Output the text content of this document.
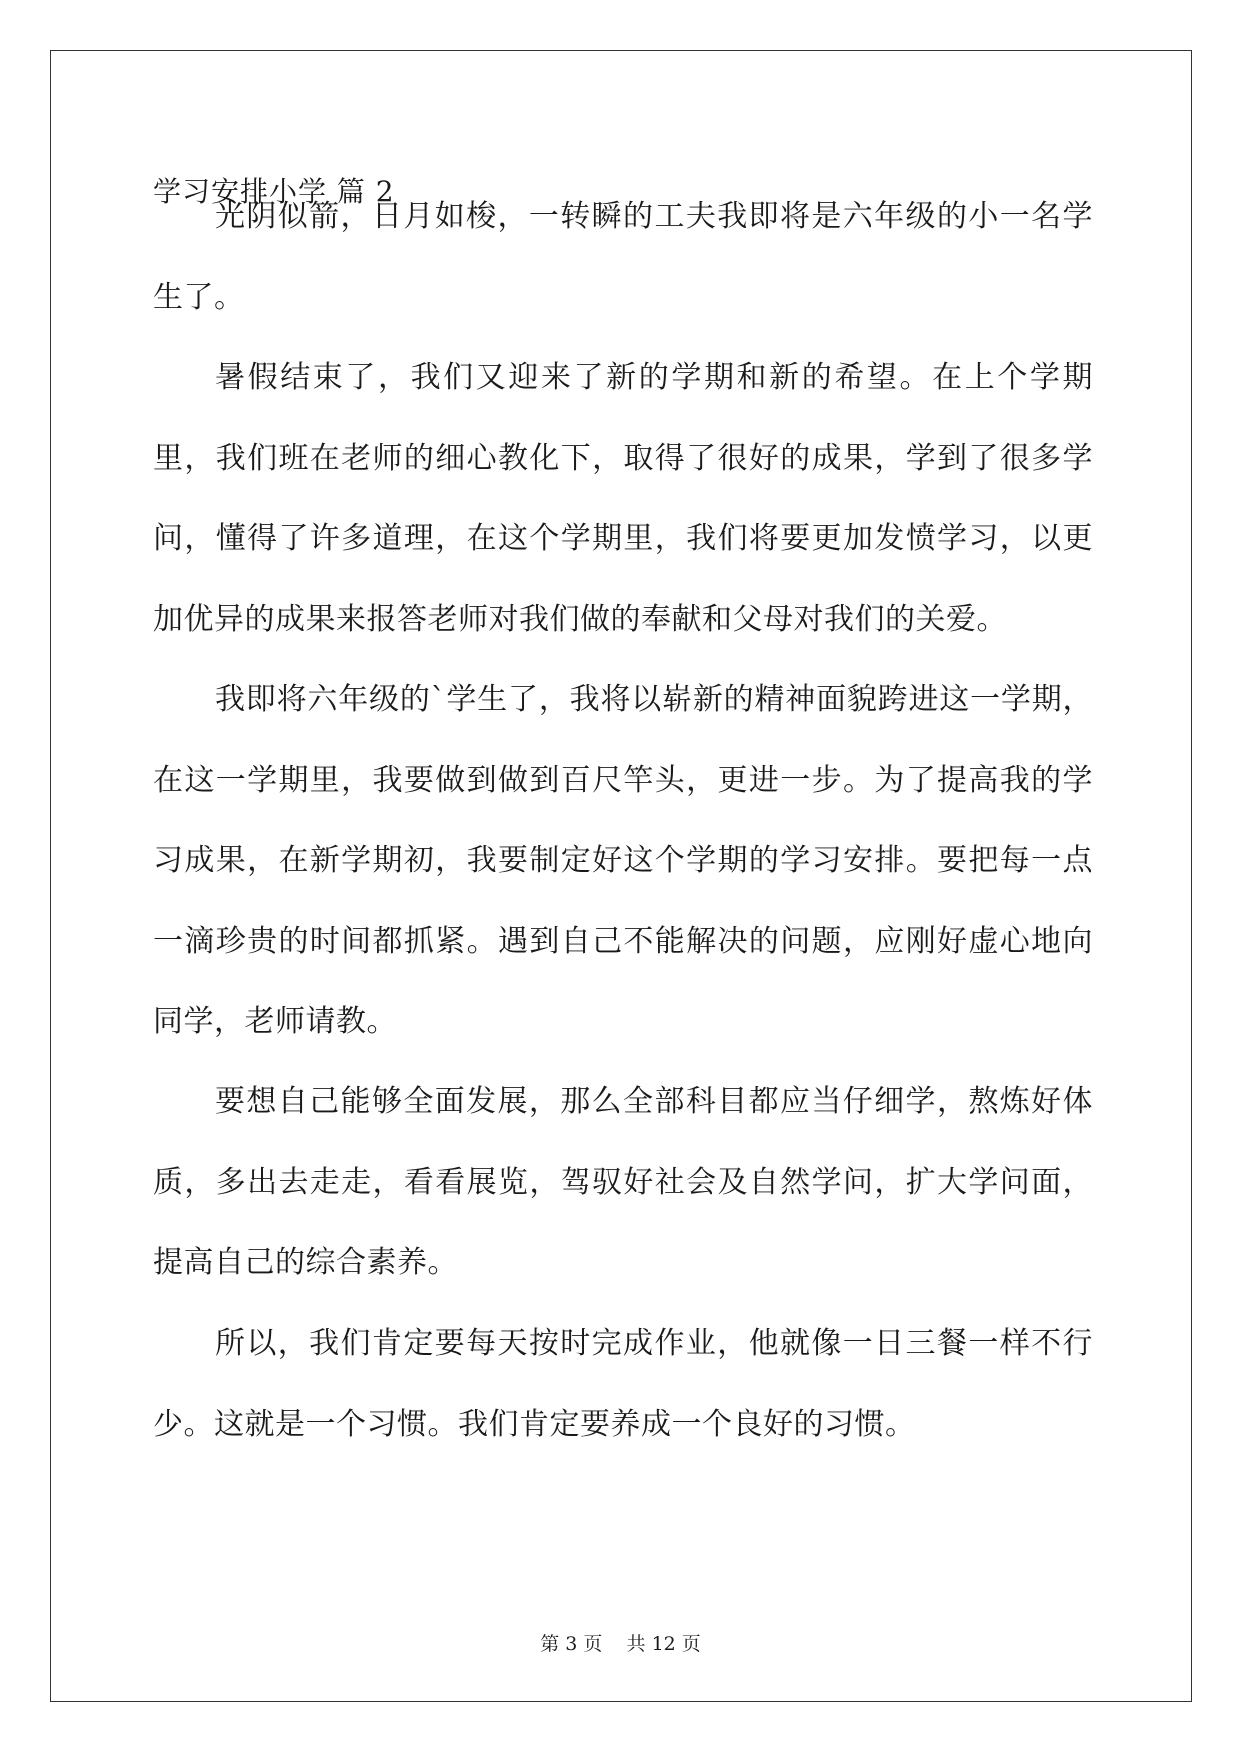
学习安排小学 篇 2

光阴似箭，日月如梭，一转瞬的工夫我即将是六年级的小一名学生了。

暑假结束了，我们又迎来了新的学期和新的希望。在上个学期里，我们班在老师的细心教化下，取得了很好的成果，学到了很多学问，懂得了许多道理，在这个学期里，我们将要更加发愤学习，以更加优异的成果来报答老师对我们做的奉献和父母对我们的关爱。

我即将六年级的`学生了，我将以崭新的精神面貌跨进这一学期，在这一学期里，我要做到做到百尺竿头，更进一步。为了提高我的学习成果，在新学期初，我要制定好这个学期的学习安排。要把每一点一滴珍贵的时间都抓紧。遇到自己不能解决的问题，应刚好虚心地向同学，老师请教。

要想自己能够全面发展，那么全部科目都应当仔细学，熬炼好体质，多出去走走，看看展览，驾驭好社会及自然学问，扩大学问面，提高自己的综合素养。

所以，我们肯定要每天按时完成作业，他就像一日三餐一样不行少。这就是一个习惯。我们肯定要养成一个良好的习惯。

第 3 页    共 12 页
